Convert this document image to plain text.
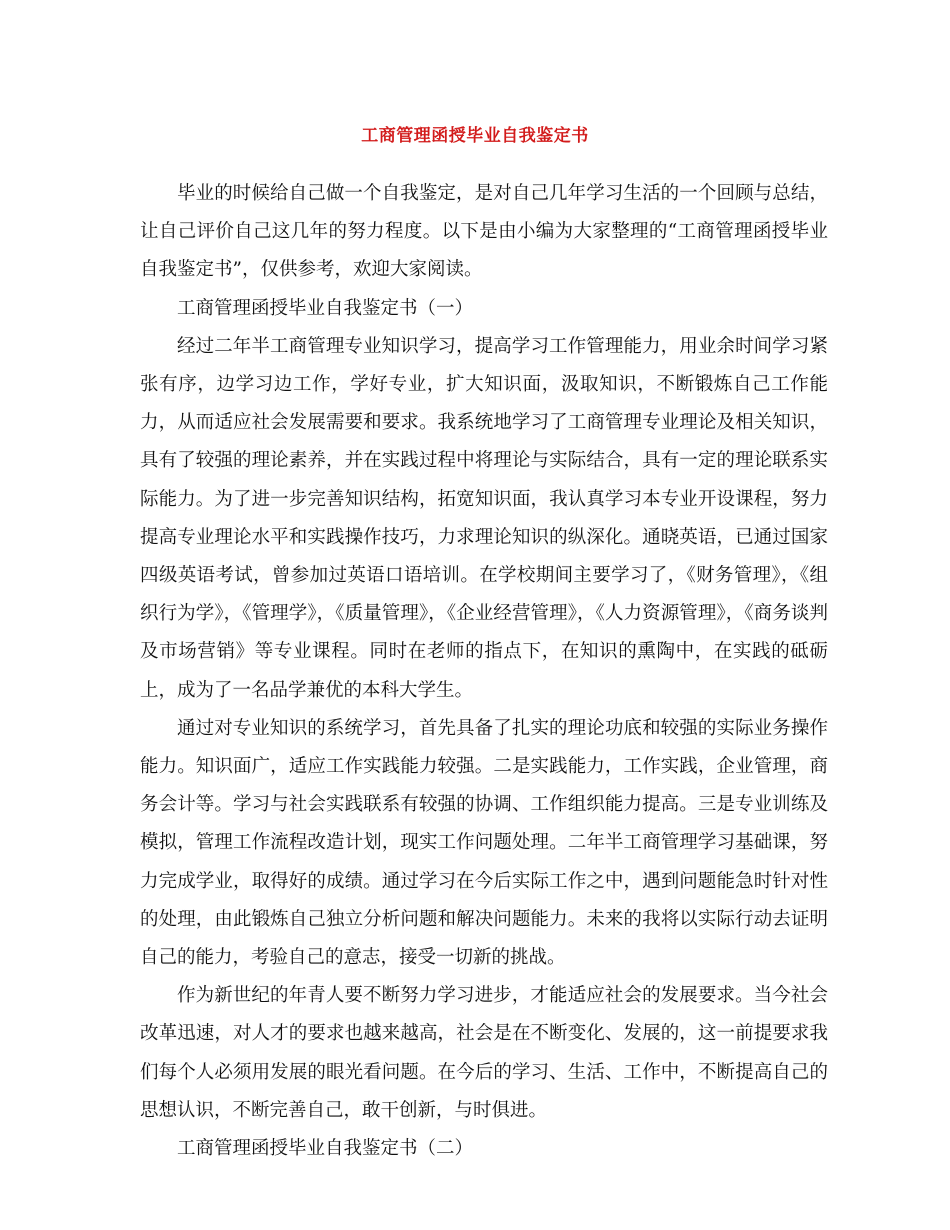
工商管理函授毕业自我鉴定书

毕业的时候给自己做一个自我鉴定，是对自己几年学习生活的一个回顾与总结，让自己评价自己这几年的努力程度。以下是由小编为大家整理的“工商管理函授毕业自我鉴定书”，仅供参考，欢迎大家阅读。

工商管理函授毕业自我鉴定书（一）

经过二年半工商管理专业知识学习，提高学习工作管理能力，用业余时间学习紧张有序，边学习边工作，学好专业，扩大知识面，汲取知识，不断锻炼自己工作能力，从而适应社会发展需要和要求。我系统地学习了工商管理专业理论及相关知识，具有了较强的理论素养，并在实践过程中将理论与实际结合，具有一定的理论联系实际能力。为了进一步完善知识结构，拓宽知识面，我认真学习本专业开设课程，努力提高专业理论水平和实践操作技巧，力求理论知识的纵深化。通晓英语，已通过国家四级英语考试，曾参加过英语口语培训。在学校期间主要学习了，《财务管理》，《组织行为学》，《管理学》，《质量管理》，《企业经营管理》，《人力资源管理》，《商务谈判及市场营销》等专业课程。同时在老师的指点下，在知识的熏陶中，在实践的砥砺上，成为了一名品学兼优的本科大学生。

通过对专业知识的系统学习，首先具备了扎实的理论功底和较强的实际业务操作能力。知识面广，适应工作实践能力较强。二是实践能力，工作实践，企业管理，商务会计等。学习与社会实践联系有较强的协调、工作组织能力提高。三是专业训练及模拟，管理工作流程改造计划，现实工作问题处理。二年半工商管理学习基础课，努力完成学业，取得好的成绩。通过学习在今后实际工作之中，遇到问题能急时针对性的处理，由此锻炼自己独立分析问题和解决问题能力。未来的我将以实际行动去证明自己的能力，考验自己的意志，接受一切新的挑战。

作为新世纪的年青人要不断努力学习进步，才能适应社会的发展要求。当今社会改革迅速，对人才的要求也越来越高，社会是在不断变化、发展的，这一前提要求我们每个人必须用发展的眼光看问题。在今后的学习、生活、工作中，不断提高自己的思想认识，不断完善自己，敢干创新，与时俱进。

工商管理函授毕业自我鉴定书（二）
